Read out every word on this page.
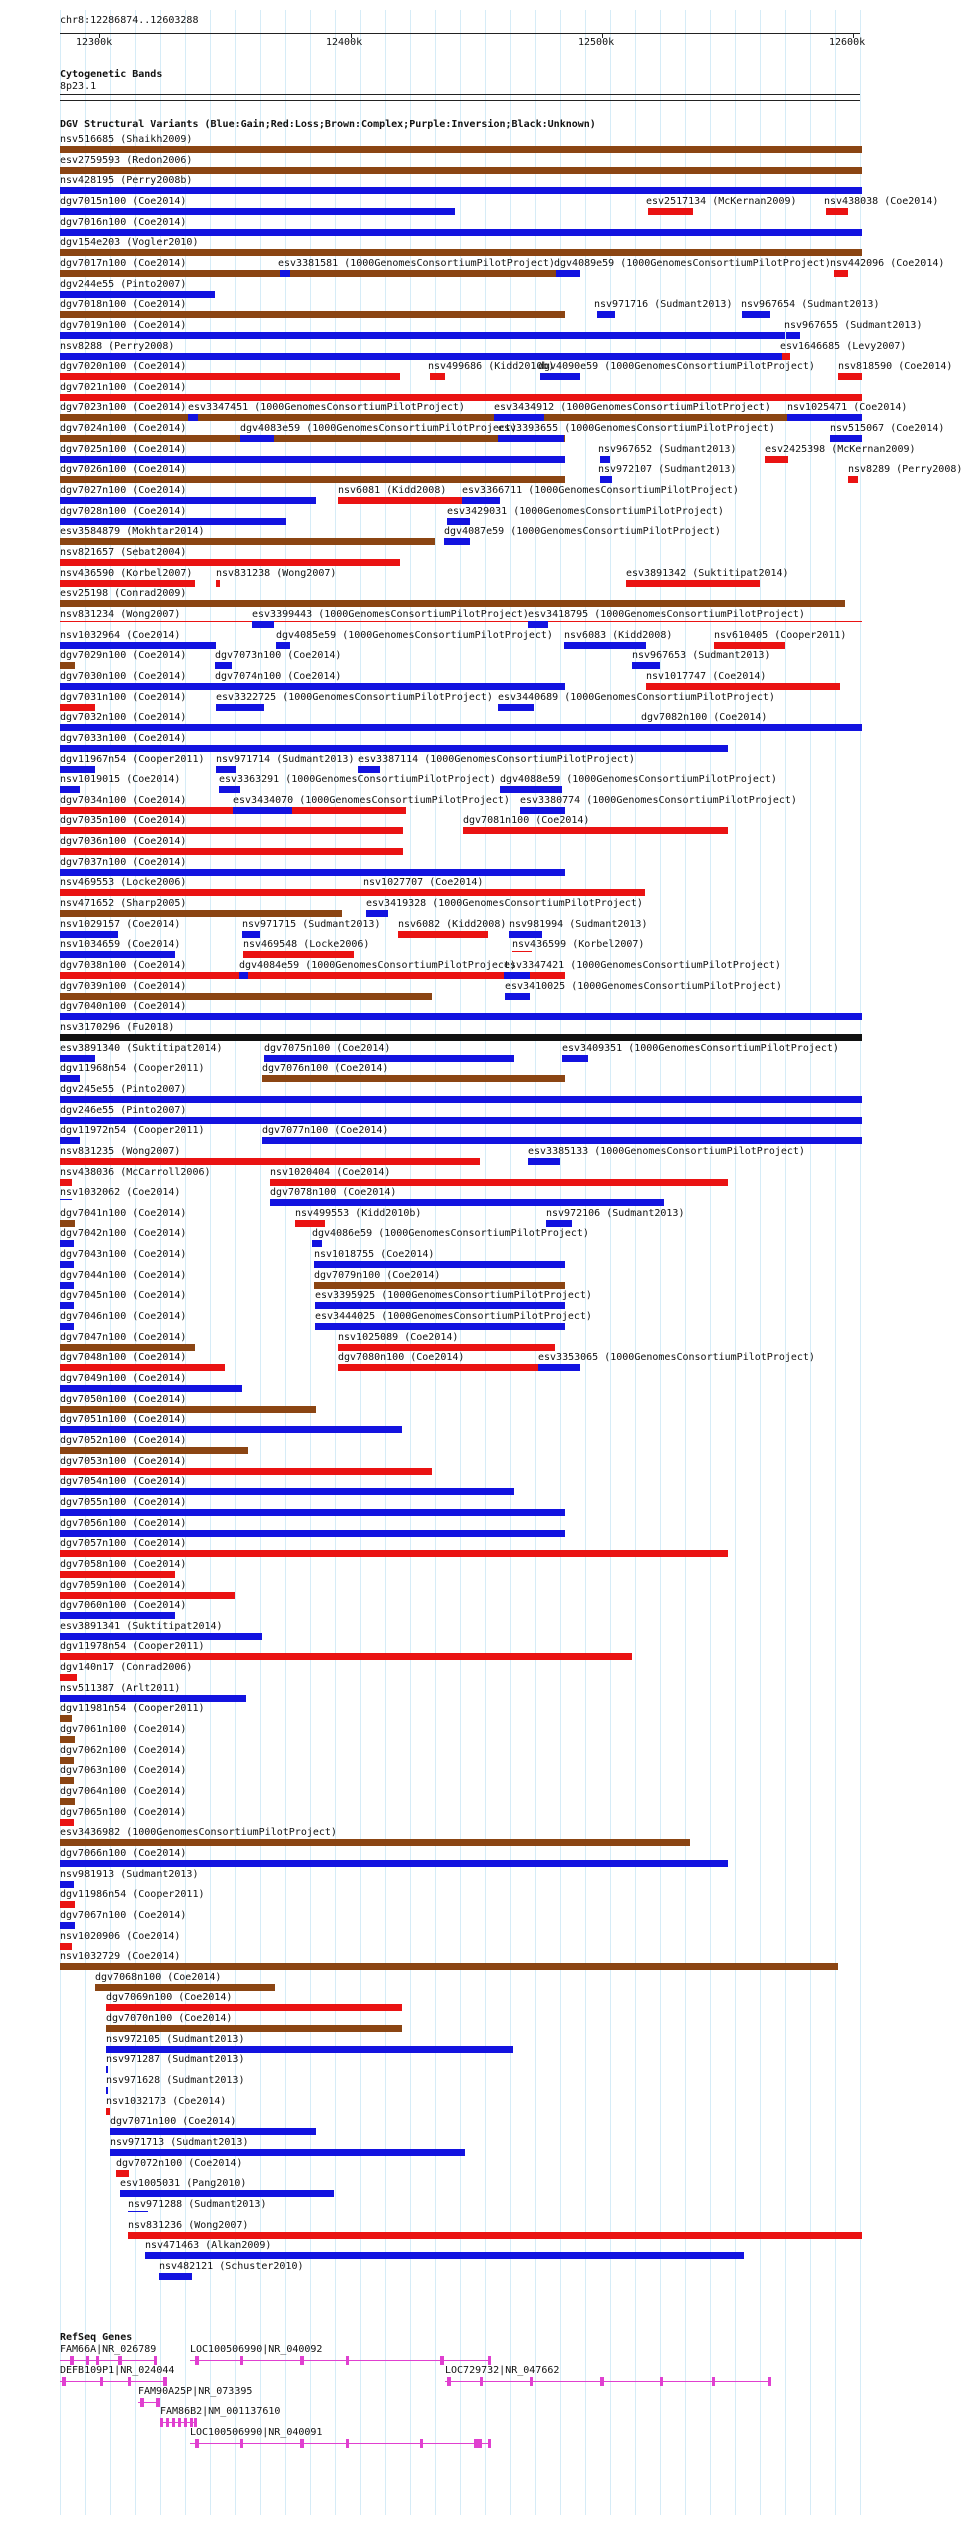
chr8:12286874..12603288
12300k	12400k	12500k	12600k
Cytogenetic Bands
8p23.1
DGV Structural Variants (Blue:Gain;Red:Loss;Brown:Complex;Purple:Inversion;Black:Unknown)
nsv516685 (Shaikh2009)
esv2759593 (Redon2006)
nsv428195 (Perry2008b)
dgv7015n100 (Coe2014)	esv2517134 (McKernan2009)	nsv438038 (Coe2014)
dgv7016n100 (Coe2014)
dgv154e203 (Vogler2010)
dgv7017n100 (Coe2014)	esv3381581 (1000GenomesConsortiumPilotProject) dgv4089e59 (1000GenomesConsortiumPilotProject) nsv442096 (Coe2014)
dgv244e55 (Pinto2007)
dgv7018n100 (Coe2014)	nsv971716 (Sudmant2013) nsv967654 (Sudmant2013)
dgv7019n100 (Coe2014)	nsv967655 (Sudmant2013)
nsv8288 (Perry2008)	esv1646685 (Levy2007)
dgv7020n100 (Coe2014)	nsv499686 (Kidd2010b)
dgv4090e59 (1000GenomesConsortiumPilotProject) nsv818590 (Coe2014)
dgv7021n100 (Coe2014)
dgv7023n100 (Coe2014) esv3347451 (1000GenomesConsortiumPilotProject)	esv3434912 (1000GenomesConsortiumPilotProject) nsv1025471 (Coe2014)
dgv7024n100 (Coe2014)	dgv4083e59 (1000GenomesConsortiumPilotProject)
esv3393655 (1000GenomesConsortiumPilotProject)	nsv515067 (Coe2014)
dgv7025n100 (Coe2014)	nsv967652 (Sudmant2013)	esv2425398 (McKernan2009)
dgv7026n100 (Coe2014)	nsv972107 (Sudmant2013)	nsv8289 (Perry2008)
dgv7027n100 (Coe2014)	nsv6081 (Kidd2008) esv3366711 (1000GenomesConsortiumPilotProject)
dgv7028n100 (Coe2014)	esv3429031 (1000GenomesConsortiumPilotProject)
esv3584879 (Mokhtar2014)	dgv4087e59 (1000GenomesConsortiumPilotProject)
nsv821657 (Sebat2004)
nsv436590 (Korbel2007) nsv831238 (Wong2007)	esv3891342 (Suktitipat2014)
esv25198 (Conrad2009)
nsv831234 (Wong2007)	esv3399443 (1000GenomesConsortiumPilotProject) esv3418795 (1000GenomesConsortiumPilotProject)
nsv1032964 (Coe2014)	dgv4085e59 (1000GenomesConsortiumPilotProject) nsv6083 (Kidd2008)	nsv610405 (Cooper2011)
dgv7029n100 (Coe2014)	dgv7073n100 (Coe2014)	nsv967653 (Sudmant2013)
dgv7030n100 (Coe2014)	dgv7074n100 (Coe2014)	nsv1017747 (Coe2014)
dgv7031n100 (Coe2014)	esv3322725 (1000GenomesConsortiumPilotProject) esv3440689 (1000GenomesConsortiumPilotProject)
dgv7032n100 (Coe2014)	dgv7082n100 (Coe2014)
dgv7033n100 (Coe2014)
dgv11967n54 (Cooper2011) nsv971714 (Sudmant2013) esv3387114 (1000GenomesConsortiumPilotProject)
nsv1019015 (Coe2014)	esv3363291 (1000GenomesConsortiumPilotProject) dgv4088e59 (1000GenomesConsortiumPilotProject)
dgv7034n100 (Coe2014)	esv3434070 (1000GenomesConsortiumPilotProject) esv3380774 (1000GenomesConsortiumPilotProject)
dgv7035n100 (Coe2014)	dgv7081n100 (Coe2014)
dgv7036n100 (Coe2014)
dgv7037n100 (Coe2014)
nsv469553 (Locke2006)	nsv1027707 (Coe2014)
nsv471652 (Sharp2005)	esv3419328 (1000GenomesConsortiumPilotProject)
nsv1029157 (Coe2014)	nsv971715 (Sudmant2013) nsv6082 (Kidd2008) nsv981994 (Sudmant2013)
nsv1034659 (Coe2014)	nsv469548 (Locke2006)	nsv436599 (Korbel2007)
dgv7038n100 (Coe2014)	dgv4084e59 (1000GenomesConsortiumPilotProject)
esv3347421 (1000GenomesConsortiumPilotProject)
dgv7039n100 (Coe2014)	esv3410025 (1000GenomesConsortiumPilotProject)
dgv7040n100 (Coe2014)
nsv3170296 (Fu2018)
esv3891340 (Suktitipat2014)	dgv7075n100 (Coe2014)	esv3409351 (1000GenomesConsortiumPilotProject)
dgv11968n54 (Cooper2011)	dgv7076n100 (Coe2014)
dgv245e55 (Pinto2007)
dgv246e55 (Pinto2007)
dgv11972n54 (Cooper2011)	dgv7077n100 (Coe2014)
nsv831235 (Wong2007)	esv3385133 (1000GenomesConsortiumPilotProject)
nsv438036 (McCarroll2006)	nsv1020404 (Coe2014)
nsv1032062 (Coe2014)	dgv7078n100 (Coe2014)
dgv7041n100 (Coe2014)	nsv499553 (Kidd2010b)	nsv972106 (Sudmant2013)
dgv7042n100 (Coe2014)	dgv4086e59 (1000GenomesConsortiumPilotProject)
dgv7043n100 (Coe2014)	nsv1018755 (Coe2014)
dgv7044n100 (Coe2014)	dgv7079n100 (Coe2014)
dgv7045n100 (Coe2014)	esv3395925 (1000GenomesConsortiumPilotProject)
dgv7046n100 (Coe2014)	esv3444025 (1000GenomesConsortiumPilotProject)
dgv7047n100 (Coe2014)	nsv1025089 (Coe2014)
dgv7048n100 (Coe2014)	dgv7080n100 (Coe2014)	esv3353065 (1000GenomesConsortiumPilotProject)
dgv7049n100 (Coe2014)
dgv7050n100 (Coe2014)
dgv7051n100 (Coe2014)
dgv7052n100 (Coe2014)
dgv7053n100 (Coe2014)
dgv7054n100 (Coe2014)
dgv7055n100 (Coe2014)
dgv7056n100 (Coe2014)
dgv7057n100 (Coe2014)
dgv7058n100 (Coe2014)
dgv7059n100 (Coe2014)
dgv7060n100 (Coe2014)
esv3891341 (Suktitipat2014)
dgv11978n54 (Cooper2011)
dgv140n17 (Conrad2006)
nsv511387 (Arlt2011)
dgv11981n54 (Cooper2011)
dgv7061n100 (Coe2014)
dgv7062n100 (Coe2014)
dgv7063n100 (Coe2014)
dgv7064n100 (Coe2014)
dgv7065n100 (Coe2014)
esv3436982 (1000GenomesConsortiumPilotProject)
dgv7066n100 (Coe2014)
nsv981913 (Sudmant2013)
dgv11986n54 (Cooper2011)
dgv7067n100 (Coe2014)
nsv1020906 (Coe2014)
nsv1032729 (Coe2014)
dgv7068n100 (Coe2014)
dgv7069n100 (Coe2014)
dgv7070n100 (Coe2014)
nsv972105 (Sudmant2013)
nsv971287 (Sudmant2013)
nsv971628 (Sudmant2013)
nsv1032173 (Coe2014)
dgv7071n100 (Coe2014)
nsv971713 (Sudmant2013)
dgv7072n100 (Coe2014)
esv1005031 (Pang2010)
nsv971288 (Sudmant2013)
nsv831236 (Wong2007)
nsv471463 (Alkan2009)
nsv482121 (Schuster2010)
RefSeq Genes
FAM66A|NR_026789	LOC100506990|NR_040092
DEFB109P1|NR_024044	LOC729732|NR_047662
FAM90A25P|NR_073395
FAM86B2|NM_001137610
LOC100506990|NR_040091
